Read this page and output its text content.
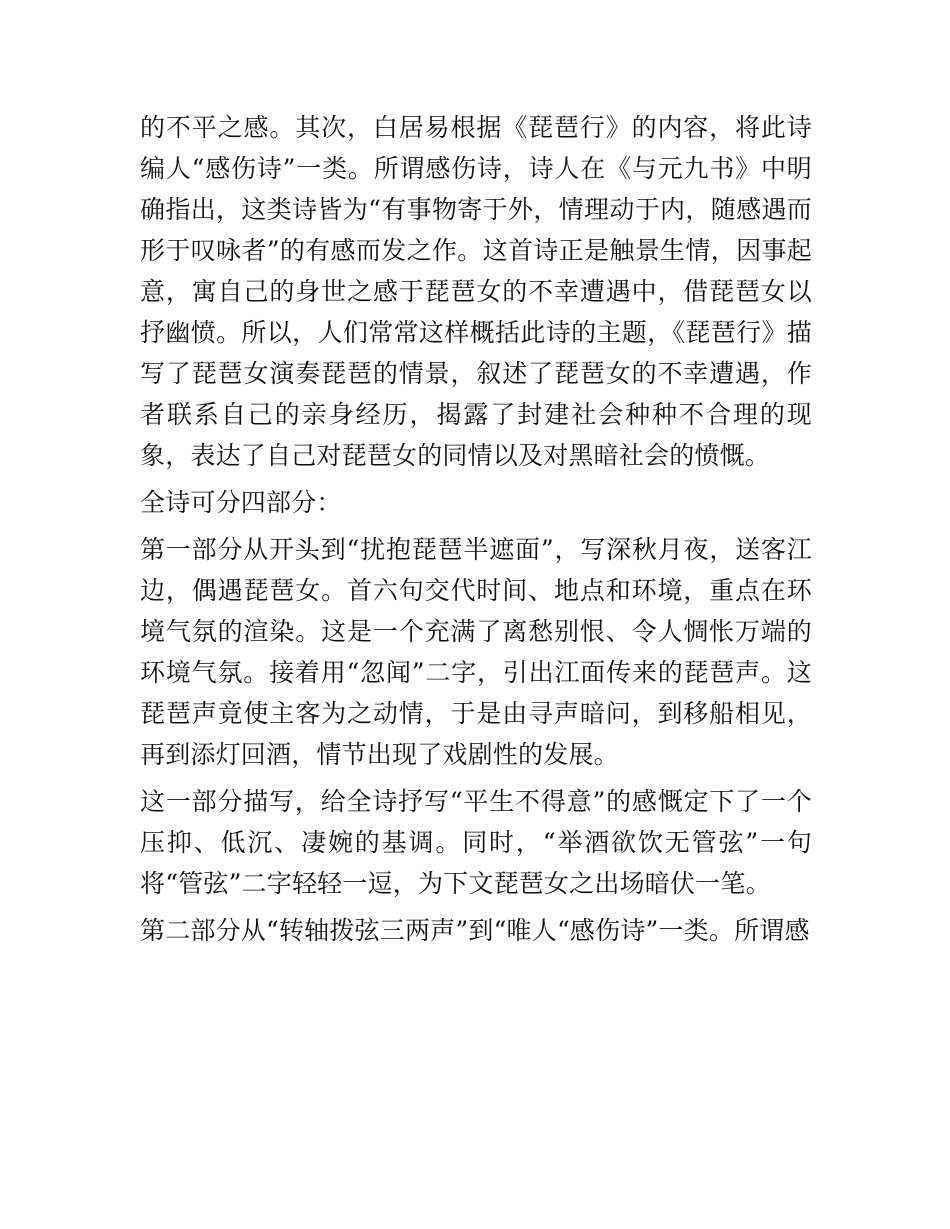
的不平之感。其次，白居易根据《琵琶行》的内容，将此诗编人“感伤诗”一类。所谓感伤诗，诗人在《与元九书》中明确指出，这类诗皆为“有事物寄于外，情理动于内，随感遇而形于叹咏者”的有感而发之作。这首诗正是触景生情，因事起意，寓自己的身世之感于琵琶女的不幸遭遇中，借琵琶女以抒幽愤。所以，人们常常这样概括此诗的主题，《琵琶行》描写了琵琶女演奏琵琶的情景，叙述了琵琶女的不幸遭遇，作者联系自己的亲身经历，揭露了封建社会种种不合理的现象，表达了自己对琵琶女的同情以及对黑暗社会的愤慨。

全诗可分四部分：

第一部分从开头到“扰抱琵琶半遮面”，写深秋月夜，送客江边，偶遇琵琶女。首六句交代时间、地点和环境，重点在环境气氛的渲染。这是一个充满了离愁别恨、令人惆怅万端的环境气氛。接着用“忽闻”二字，引出江面传来的琵琶声。这琵琶声竟使主客为之动情，于是由寻声暗问，到移船相见，再到添灯回酒，情节出现了戏剧性的发展。

这一部分描写，给全诗抒写“平生不得意”的感慨定下了一个压抑、低沉、凄婉的基调。同时，“举酒欲饮无管弦”一句将“管弦”二字轻轻一逗，为下文琵琶女之出场暗伏一笔。

第二部分从“转轴拨弦三两声”到“唯人“感伤诗”一类。所谓感
